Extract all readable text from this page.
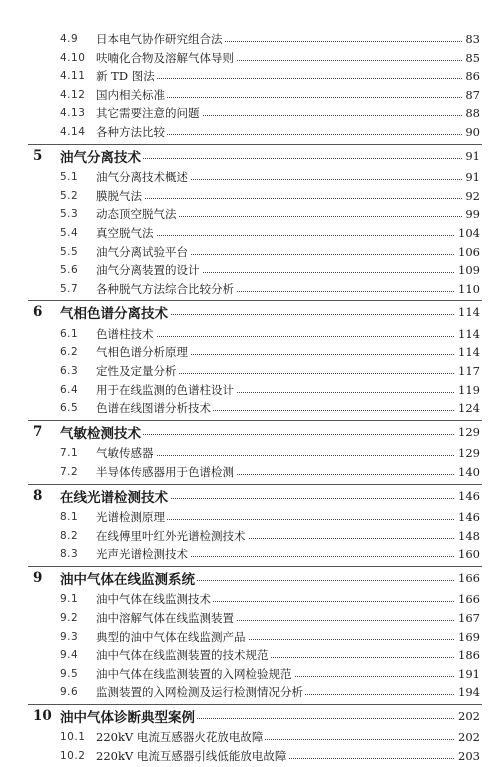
4.9 日本电气协作研究组合法	83
4.10 呋喃化合物及溶解气体导则	85
4.11 新 TD 图法	86
4.12 国内相关标准	87
4.13 其它需要注意的问题	88
4.14 各种方法比较	90
5 油气分离技术	91
5.1 油气分离技术概述	91
5.2 膜脱气法	92
5.3 动态顶空脱气法	99
5.4 真空脱气法	104
5.5 油气分离试验平台	106
5.6 油气分离装置的设计	109
5.7 各种脱气方法综合比较分析	110
6 气相色谱分离技术	114
6.1 色谱柱技术	114
6.2 气相色谱分析原理	114
6.3 定性及定量分析	117
6.4 用于在线监测的色谱柱设计	119
6.5 色谱在线图谱分析技术	124
7 气敏检测技术	129
7.1 气敏传感器	129
7.2 半导体传感器用于色谱检测	140
8 在线光谱检测技术	146
8.1 光谱检测原理	146
8.2 在线傅里叶红外光谱检测技术	148
8.3 光声光谱检测技术	160
9 油中气体在线监测系统	166
9.1 油中气体在线监测技术	166
9.2 油中溶解气体在线监测装置	167
9.3 典型的油中气体在线监测产品	169
9.4 油中气体在线监测装置的技术规范	186
9.5 油中气体在线监测装置的入网检验规范	191
9.6 监测装置的入网检测及运行检测情况分析	194
10 油中气体诊断典型案例	202
10.1 220kV 电流互感器火花放电故障	202
10.2 220kV 电流互感器引线低能放电故障	203
